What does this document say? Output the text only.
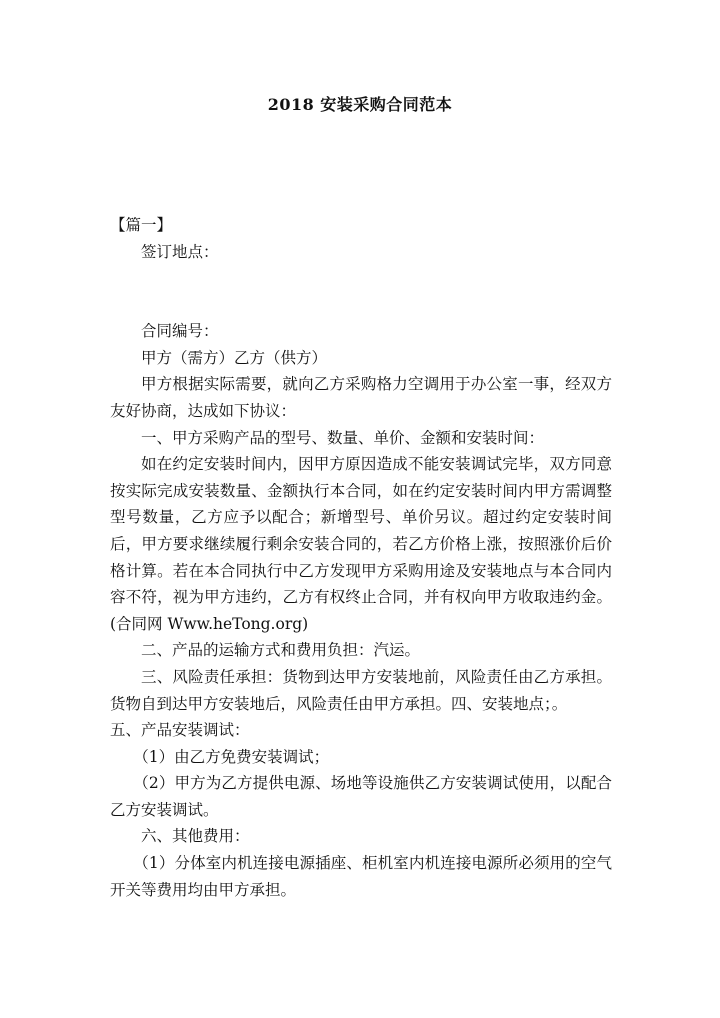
2018 安装采购合同范本

【篇一】

签订地点：

合同编号：

甲方（需方）乙方（供方）

甲方根据实际需要，就向乙方采购格力空调用于办公室一事，经双方友好协商，达成如下协议：

一、甲方采购产品的型号、数量、单价、金额和安装时间：

如在约定安装时间内，因甲方原因造成不能安装调试完毕，双方同意按实际完成安装数量、金额执行本合同，如在约定安装时间内甲方需调整型号数量，乙方应予以配合；新增型号、单价另议。超过约定安装时间后，甲方要求继续履行剩余安装合同的，若乙方价格上涨，按照涨价后价格计算。若在本合同执行中乙方发现甲方采购用途及安装地点与本合同内容不符，视为甲方违约，乙方有权终止合同，并有权向甲方收取违约金。(合同网 Www.heTong.org)

二、产品的运输方式和费用负担：汽运。

三、风险责任承担：货物到达甲方安装地前，风险责任由乙方承担。货物自到达甲方安装地后，风险责任由甲方承担。四、安装地点；。

五、产品安装调试：

（1）由乙方免费安装调试；

（2）甲方为乙方提供电源、场地等设施供乙方安装调试使用，以配合乙方安装调试。

六、其他费用：

（1）分体室内机连接电源插座、柜机室内机连接电源所必须用的空气开关等费用均由甲方承担。
